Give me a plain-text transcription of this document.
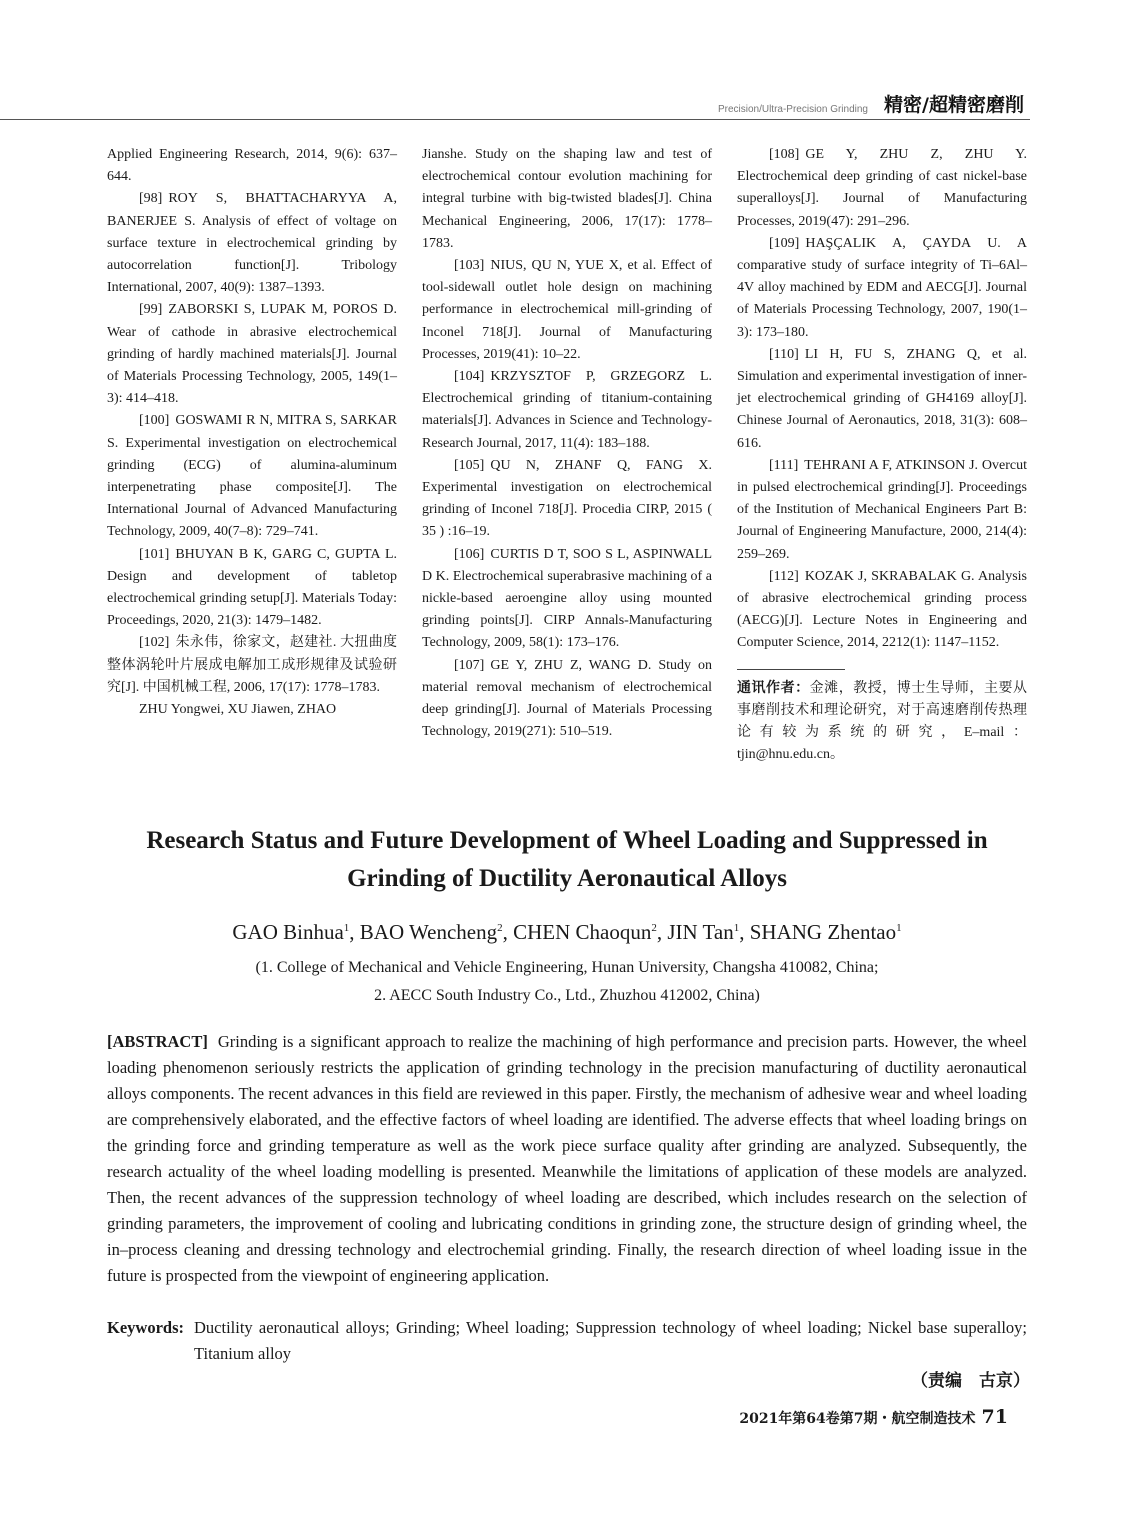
Precision/Ultra-Precision Grinding 精密/超精密磨削

Applied Engineering Research, 2014, 9(6): 637–644.

[98] ROY S, BHATTACHARYYA A, BANERJEE S. Analysis of effect of voltage on surface texture in electrochemical grinding by autocorrelation function[J]. Tribology International, 2007, 40(9): 1387–1393.

[99] ZABORSKI S, LUPAK M, POROS D. Wear of cathode in abrasive electrochemical grinding of hardly machined materials[J]. Journal of Materials Processing Technology, 2005, 149(1–3): 414–418.

[100] GOSWAMI R N, MITRA S, SARKAR S. Experimental investigation on electrochemical grinding (ECG) of alumina-aluminum interpenetrating phase composite[J]. The International Journal of Advanced Manufacturing Technology, 2009, 40(7–8): 729–741.

[101] BHUYAN B K, GARG C, GUPTA L. Design and development of tabletop electrochemical grinding setup[J]. Materials Today: Proceedings, 2020, 21(3): 1479–1482.

[102] 朱永伟，徐家文，赵建社. 大扭曲度整体涡轮叶片展成电解加工成形规律及试验研究[J]. 中国机械工程, 2006, 17(17): 1778–1783.

ZHU Yongwei, XU Jiawen, ZHAO

Jianshe. Study on the shaping law and test of electrochemical contour evolution machining for integral turbine with big-twisted blades[J]. China Mechanical Engineering, 2006, 17(17): 1778–1783.

[103] NIUS, QU N, YUE X, et al. Effect of tool-sidewall outlet hole design on machining performance in electrochemical mill-grinding of Inconel 718[J]. Journal of Manufacturing Processes, 2019(41): 10–22.

[104] KRZYSZTOF P, GRZEGORZ L. Electrochemical grinding of titanium-containing materials[J]. Advances in Science and Technology-Research Journal, 2017, 11(4): 183–188.

[105] QU N, ZHANF Q, FANG X. Experimental investigation on electrochemical grinding of Inconel 718[J]. Procedia CIRP, 2015 ( 35 ) :16–19.

[106] CURTIS D T, SOO S L, ASPINWALL D K. Electrochemical superabrasive machining of a nickle-based aeroengine alloy using mounted grinding points[J]. CIRP Annals-Manufacturing Technology, 2009, 58(1): 173–176.

[107] GE Y, ZHU Z, WANG D. Study on material removal mechanism of electrochemical deep grinding[J]. Journal of Materials Processing Technology, 2019(271): 510–519.

[108] GE Y, ZHU Z, ZHU Y. Electrochemical deep grinding of cast nickel-base superalloys[J]. Journal of Manufacturing Processes, 2019(47): 291–296.

[109] HAŞÇALIK A, ÇAYDA U. A comparative study of surface integrity of Ti–6Al–4V alloy machined by EDM and AECG[J]. Journal of Materials Processing Technology, 2007, 190(1–3): 173–180.

[110] LI H, FU S, ZHANG Q, et al. Simulation and experimental investigation of inner-jet electrochemical grinding of GH4169 alloy[J]. Chinese Journal of Aeronautics, 2018, 31(3): 608–616.

[111] TEHRANI A F, ATKINSON J. Overcut in pulsed electrochemical grinding[J]. Proceedings of the Institution of Mechanical Engineers Part B: Journal of Engineering Manufacture, 2000, 214(4): 259–269.

[112] KOZAK J, SKRABALAK G. Analysis of abrasive electrochemical grinding process (AECG)[J]. Lecture Notes in Engineering and Computer Science, 2014, 2212(1): 1147–1152.

通讯作者：金滩，教授，博士生导师，主要从事磨削技术和理论研究，对于高速磨削传热理论有较为系统的研究，E–mail：tjin@hnu.edu.cn。

Research Status and Future Development of Wheel Loading and Suppressed in Grinding of Ductility Aeronautical Alloys

GAO Binhua$^1$, BAO Wencheng$^2$, CHEN Chaoqun$^2$, JIN Tan$^1$, SHANG Zhentao$^1$

(1. College of Mechanical and Vehicle Engineering, Hunan University, Changsha 410082, China;
2. AECC South Industry Co., Ltd., Zhuzhou 412002, China)

[ABSTRACT] Grinding is a significant approach to realize the machining of high performance and precision parts. However, the wheel loading phenomenon seriously restricts the application of grinding technology in the precision manufacturing of ductility aeronautical alloys components. The recent advances in this field are reviewed in this paper. Firstly, the mechanism of adhesive wear and wheel loading are comprehensively elaborated, and the effective factors of wheel loading are identified. The adverse effects that wheel loading brings on the grinding force and grinding temperature as well as the work piece surface quality after grinding are analyzed. Subsequently, the research actuality of the wheel loading modelling is presented. Meanwhile the limitations of application of these models are analyzed. Then, the recent advances of the suppression technology of wheel loading are described, which includes research on the selection of grinding parameters, the improvement of cooling and lubricating conditions in grinding zone, the structure design of grinding wheel, the in–process cleaning and dressing technology and electrochemial grinding. Finally, the research direction of wheel loading issue in the future is prospected from the viewpoint of engineering application.

Keywords: Ductility aeronautical alloys; Grinding; Wheel loading; Suppression technology of wheel loading; Nickel base superalloy; Titanium alloy

（责编　古京）

2021年第64卷第7期・航空制造技术 71
